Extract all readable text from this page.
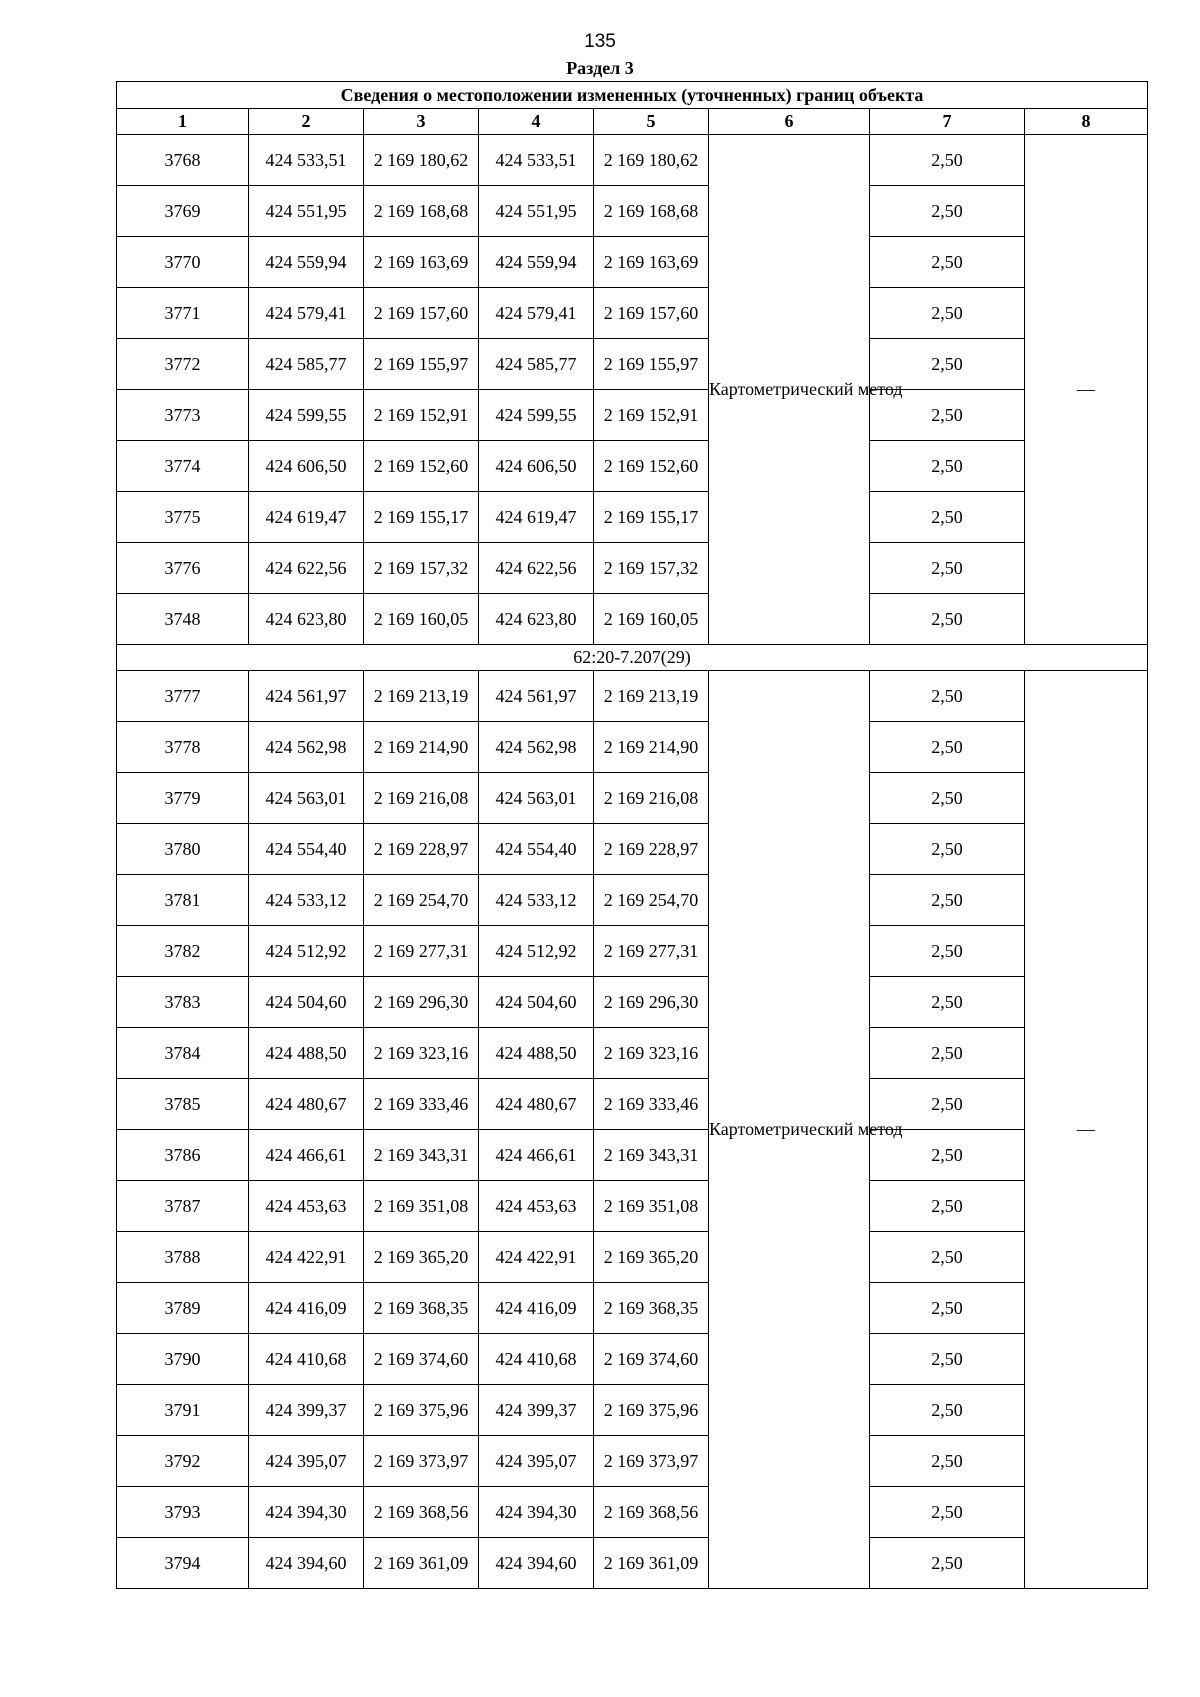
135
Раздел 3
Сведения о местоположении измененных (уточненных) границ объекта							
1	2	3	4	5	6	7	8
3768	424 533,51	2 169 180,62	424 533,51	2 169 180,62	Картометрический метод	2,50	—
3769	424 551,95	2 169 168,68	424 551,95	2 169 168,68		2,50	
3770	424 559,94	2 169 163,69	424 559,94	2 169 163,69		2,50	
3771	424 579,41	2 169 157,60	424 579,41	2 169 157,60		2,50	
3772	424 585,77	2 169 155,97	424 585,77	2 169 155,97		2,50	
3773	424 599,55	2 169 152,91	424 599,55	2 169 152,91		2,50	
3774	424 606,50	2 169 152,60	424 606,50	2 169 152,60		2,50	
3775	424 619,47	2 169 155,17	424 619,47	2 169 155,17		2,50	
3776	424 622,56	2 169 157,32	424 622,56	2 169 157,32		2,50	
3748	424 623,80	2 169 160,05	424 623,80	2 169 160,05		2,50	
62:20-7.207(29)							
3777	424 561,97	2 169 213,19	424 561,97	2 169 213,19	Картометрический метод	2,50	—
3778	424 562,98	2 169 214,90	424 562,98	2 169 214,90		2,50	
3779	424 563,01	2 169 216,08	424 563,01	2 169 216,08		2,50	
3780	424 554,40	2 169 228,97	424 554,40	2 169 228,97		2,50	
3781	424 533,12	2 169 254,70	424 533,12	2 169 254,70		2,50	
3782	424 512,92	2 169 277,31	424 512,92	2 169 277,31		2,50	
3783	424 504,60	2 169 296,30	424 504,60	2 169 296,30		2,50	
3784	424 488,50	2 169 323,16	424 488,50	2 169 323,16		2,50	
3785	424 480,67	2 169 333,46	424 480,67	2 169 333,46		2,50	
3786	424 466,61	2 169 343,31	424 466,61	2 169 343,31		2,50	
3787	424 453,63	2 169 351,08	424 453,63	2 169 351,08		2,50	
3788	424 422,91	2 169 365,20	424 422,91	2 169 365,20		2,50	
3789	424 416,09	2 169 368,35	424 416,09	2 169 368,35		2,50	
3790	424 410,68	2 169 374,60	424 410,68	2 169 374,60		2,50	
3791	424 399,37	2 169 375,96	424 399,37	2 169 375,96		2,50	
3792	424 395,07	2 169 373,97	424 395,07	2 169 373,97		2,50	
3793	424 394,30	2 169 368,56	424 394,30	2 169 368,56		2,50	
3794	424 394,60	2 169 361,09	424 394,60	2 169 361,09		2,50	
